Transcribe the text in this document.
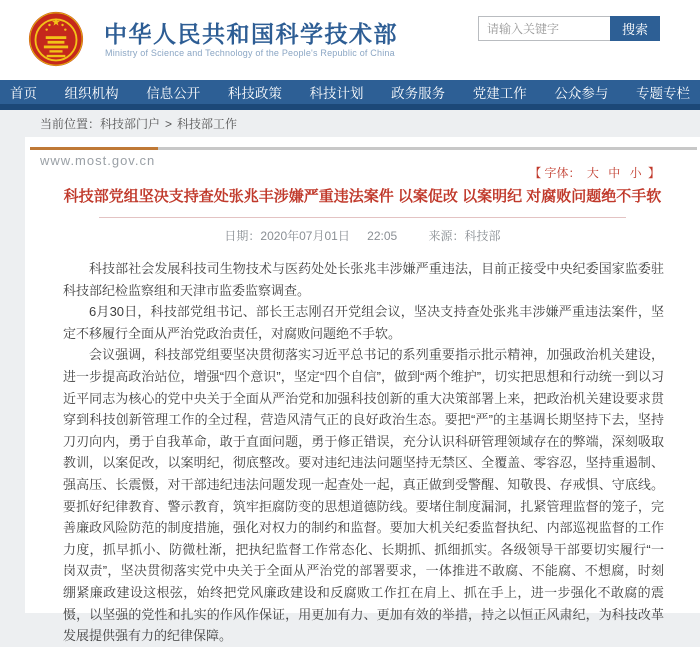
中华人民共和国科学技术部
Ministry of Science and Technology of the People's Republic of China
请输入关键字
搜索
首页 组织机构 信息公开 科技政策 科技计划 政务服务 党建工作 公众参与 专题专栏
当前位置： 科技部门户 > 科技部工作
www.most.gov.cn
【 字体： 大 中 小 】
科技部党组坚决支持查处张兆丰涉嫌严重违法案件 以案促改 以案明纪 对腐败问题绝不手软
日期：2020年07月01日 22:05	来源：科技部

科技部社会发展科技司生物技术与医药处处长张兆丰涉嫌严重违法，目前正接受中央纪委国家监委驻科技部纪检监察组和天津市监委监察调查。

6月30日，科技部党组书记、部长王志刚召开党组会议，坚决支持查处张兆丰涉嫌严重违法案件，坚定不移履行全面从严治党政治责任，对腐败问题绝不手软。

会议强调，科技部党组要坚决贯彻落实习近平总书记的系列重要指示批示精神，加强政治机关建设，进一步提高政治站位，增强“四个意识”，坚定“四个自信”，做到“两个维护”，切实把思想和行动统一到以习近平同志为核心的党中央关于全面从严治党和加强科技创新的重大决策部署上来，把政治机关建设要求贯穿到科技创新管理工作的全过程，营造风清气正的良好政治生态。要把“严”的主基调长期坚持下去，坚持刀刃向内，勇于自我革命，敢于直面问题，勇于修正错误，充分认识科研管理领域存在的弊端，深刻吸取教训，以案促改，以案明纪，彻底整改。要对违纪违法问题坚持无禁区、全覆盖、零容忍，坚持重遏制、强高压、长震慑，对干部违纪违法问题发现一起查处一起，真正做到受警醒、知敬畏、存戒惧、守底线。要抓好纪律教育、警示教育，筑牢拒腐防变的思想道德防线。要堵住制度漏洞，扎紧管理监督的笼子，完善廉政风险防范的制度措施，强化对权力的制约和监督。要加大机关纪委监督执纪、内部巡视监督的工作力度，抓早抓小、防微杜渐，把执纪监督工作常态化、长期抓、抓细抓实。各级领导干部要切实履行“一岗双责”，坚决贯彻落实党中央关于全面从严治党的部署要求，一体推进不敢腐、不能腐、不想腐，时刻绷紧廉政建设这根弦，始终把党风廉政建设和反腐败工作扛在肩上、抓在手上，进一步强化不敢腐的震慑，以坚强的党性和扎实的作风作保证，用更加有力、更加有效的举措，持之以恒正风肃纪，为科技改革发展提供强有力的纪律保障。
